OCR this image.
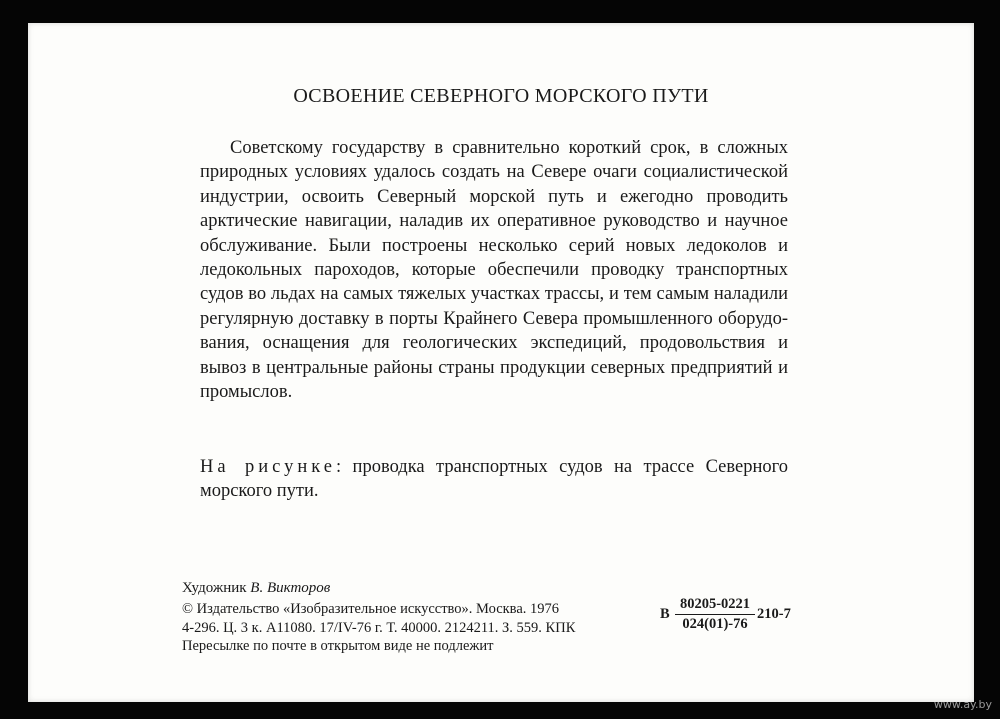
ОСВОЕНИЕ СЕВЕРНОГО МОРСКОГО ПУТИ

Советскому государству в сравнительно короткий срок, в сложных природных условиях удалось создать на Севере очаги социалистической индустрии, освоить Северный морской путь и ежегодно проводить арктические навигации, наладив их оперативное руководство и научное обслуживание. Были построены несколько серий новых ледоколов и ледокольных пароходов, которые обеспечили проводку транспортных судов во льдах на самых тяжелых участках трассы, и тем самым наладили регулярную доставку в порты Крайнего Севера промышленного оборудования, оснащения для геологических экспедиций, продовольствия и вывоз в центральные районы страны продукции северных предприятий и промыслов.

На рисунке: проводка транспортных судов на трассе Северного морского пути.

Художник В. Викторов
© Издательство «Изобразительное искусство». Москва. 1976
4-296. Ц. 3 к. А11080. 17/IV-76 г. Т. 40000. 2124211. З. 559. КПК
Пересылке по почте в открытом виде не подлежит
В $\frac{80205-0221}{024(01)-76} 210-7$
www.ay.by
